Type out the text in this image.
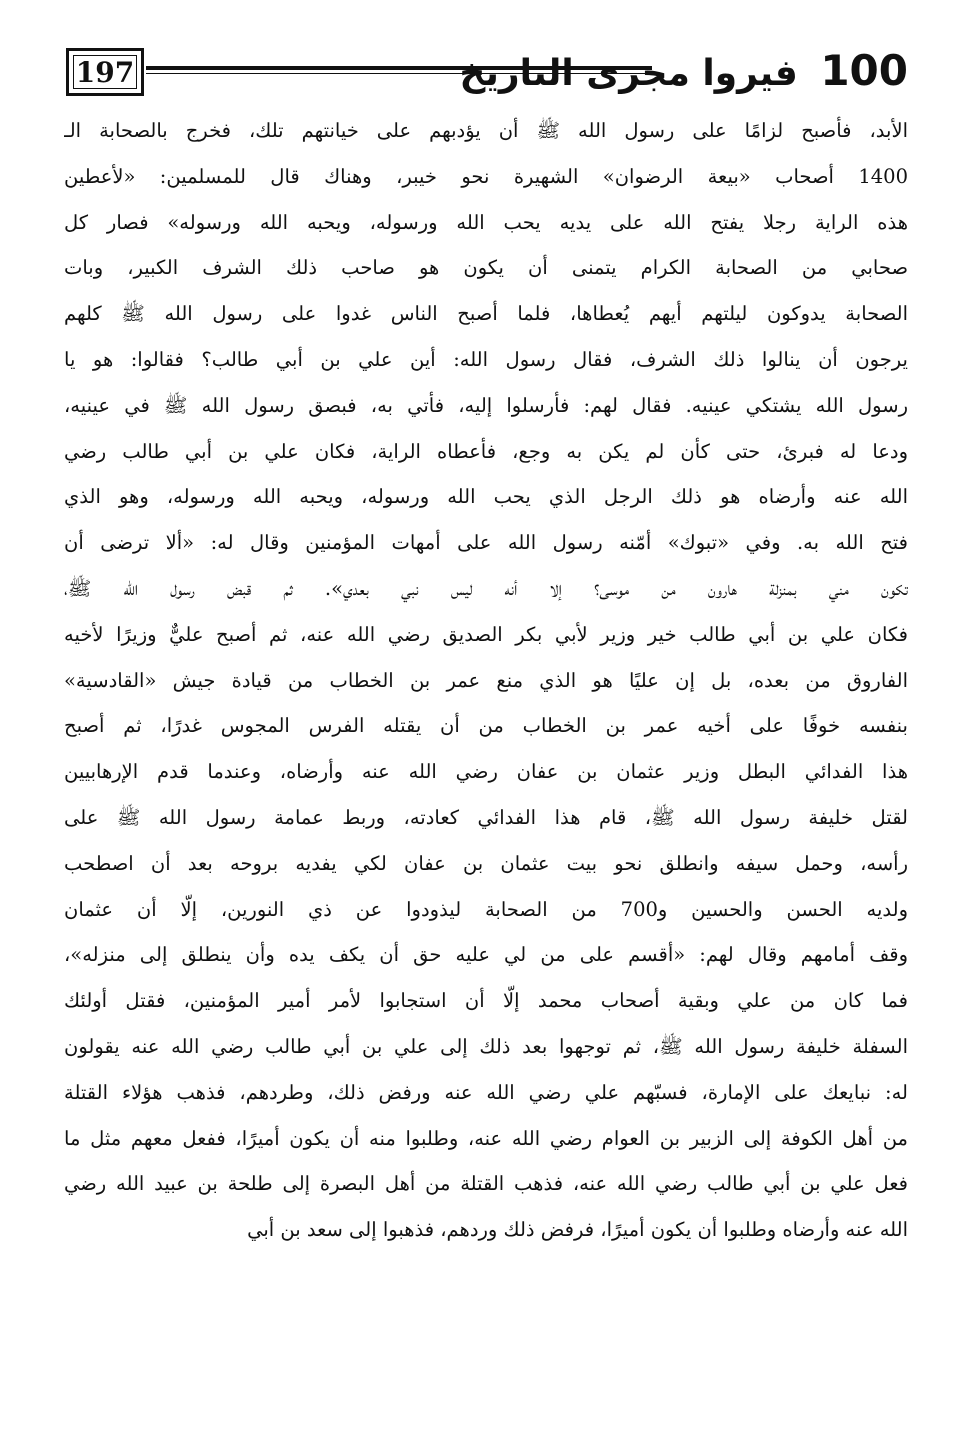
197	100 فيروا مجرى التاريخ
الأبد، فأصبح لزامًا على رسول الله ﷺ أن يؤدبهم على خيانتهم تلك، فخرج بالصحابة الـ
1400 أصحاب «بيعة الرضوان» الشهيرة نحو خيبر، وهناك قال للمسلمين: «لأعطين
هذه الراية رجلا يفتح الله على يديه يحب الله ورسوله، ويحبه الله ورسوله» فصار كل
صحابي من الصحابة الكرام يتمنى أن يكون هو صاحب ذلك الشرف الكبير، وبات
الصحابة يدوكون ليلتهم أيهم يُعطاها، فلما أصبح الناس غدوا على رسول الله ﷺ كلهم
يرجون أن ينالوا ذلك الشرف، فقال رسول الله: أين علي بن أبي طالب؟ فقالوا: هو يا
رسول الله يشتكي عينيه. فقال لهم: فأرسلوا إليه، فأتي به، فبصق رسول الله ﷺ في عينيه،
ودعا له فبرئ، حتى كأن لم يكن به وجع، فأعطاه الراية، فكان علي بن أبي طالب رضي
الله عنه وأرضاه هو ذلك الرجل الذي يحب الله ورسوله، ويحبه الله ورسوله، وهو الذي
فتح الله به. وفي «تبوك» أمّنه رسول الله على أمهات المؤمنين وقال له: «ألا ترضى أن
تكون مني بمنزلة هارون من موسى؟ إلا أنه ليس نبي بعدي». ثم قبض رسول الله ﷺ،
فكان علي بن أبي طالب خير وزير لأبي بكر الصديق رضي الله عنه، ثم أصبح عليٌّ وزيرًا لأخيه
الفاروق من بعده، بل إن عليًا هو الذي منع عمر بن الخطاب من قيادة جيش «القادسية»
بنفسه خوفًا على أخيه عمر بن الخطاب من أن يقتله الفرس المجوس غدرًا، ثم أصبح
هذا الفدائي البطل وزير عثمان بن عفان رضي الله عنه وأرضاه، وعندما قدم الإرهابيين
لقتل خليفة رسول الله ﷺ، قام هذا الفدائي كعادته، وربط عمامة رسول الله ﷺ على
رأسه، وحمل سيفه وانطلق نحو بيت عثمان بن عفان لكي يفديه بروحه بعد أن اصطحب
ولديه الحسن والحسين و700 من الصحابة ليذودوا عن ذي النورين، إلّا أن عثمان
وقف أمامهم وقال لهم: «أقسم على من لي عليه حق أن يكف يده وأن ينطلق إلى منزله»،
فما كان من علي وبقية أصحاب محمد إلّا أن استجابوا لأمر أمير المؤمنين، فقتل أولئك
السفلة خليفة رسول الله ﷺ، ثم توجهوا بعد ذلك إلى علي بن أبي طالب رضي الله عنه يقولون
له: نبايعك على الإمارة، فسبّهم علي رضي الله عنه ورفض ذلك، وطردهم، فذهب هؤلاء القتلة
من أهل الكوفة إلى الزبير بن العوام رضي الله عنه، وطلبوا منه أن يكون أميرًا، ففعل معهم مثل ما
فعل علي بن أبي طالب رضي الله عنه، فذهب القتلة من أهل البصرة إلى طلحة بن عبيد الله رضي
الله عنه وأرضاه وطلبوا أن يكون أميرًا، فرفض ذلك وردهم، فذهبوا إلى سعد بن أبي
